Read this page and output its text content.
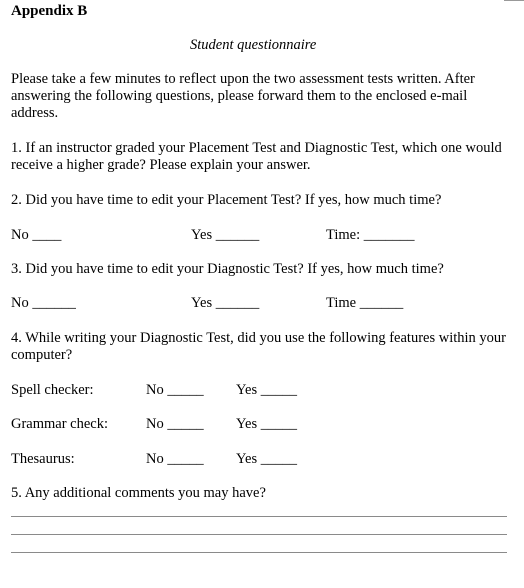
Appendix B
Student questionnaire
Please take a few minutes to reflect upon the two assessment tests written. After answering the following questions, please forward them to the enclosed e-mail address.
1. If an instructor graded your Placement Test and Diagnostic Test, which one would receive a higher grade? Please explain your answer.
2. Did you have time to edit your Placement Test? If yes, how much time?
No ____	Yes ______	Time: _______
3. Did you have time to edit your Diagnostic Test? If yes, how much time?
No ______	Yes ______	Time ______
4. While writing your Diagnostic Test, did you use the following features within your computer?
Spell checker:	No _____ Yes _____
Grammar check:	No _____ Yes _____
Thesaurus:	No _____ Yes _____
5. Any additional comments you may have?
